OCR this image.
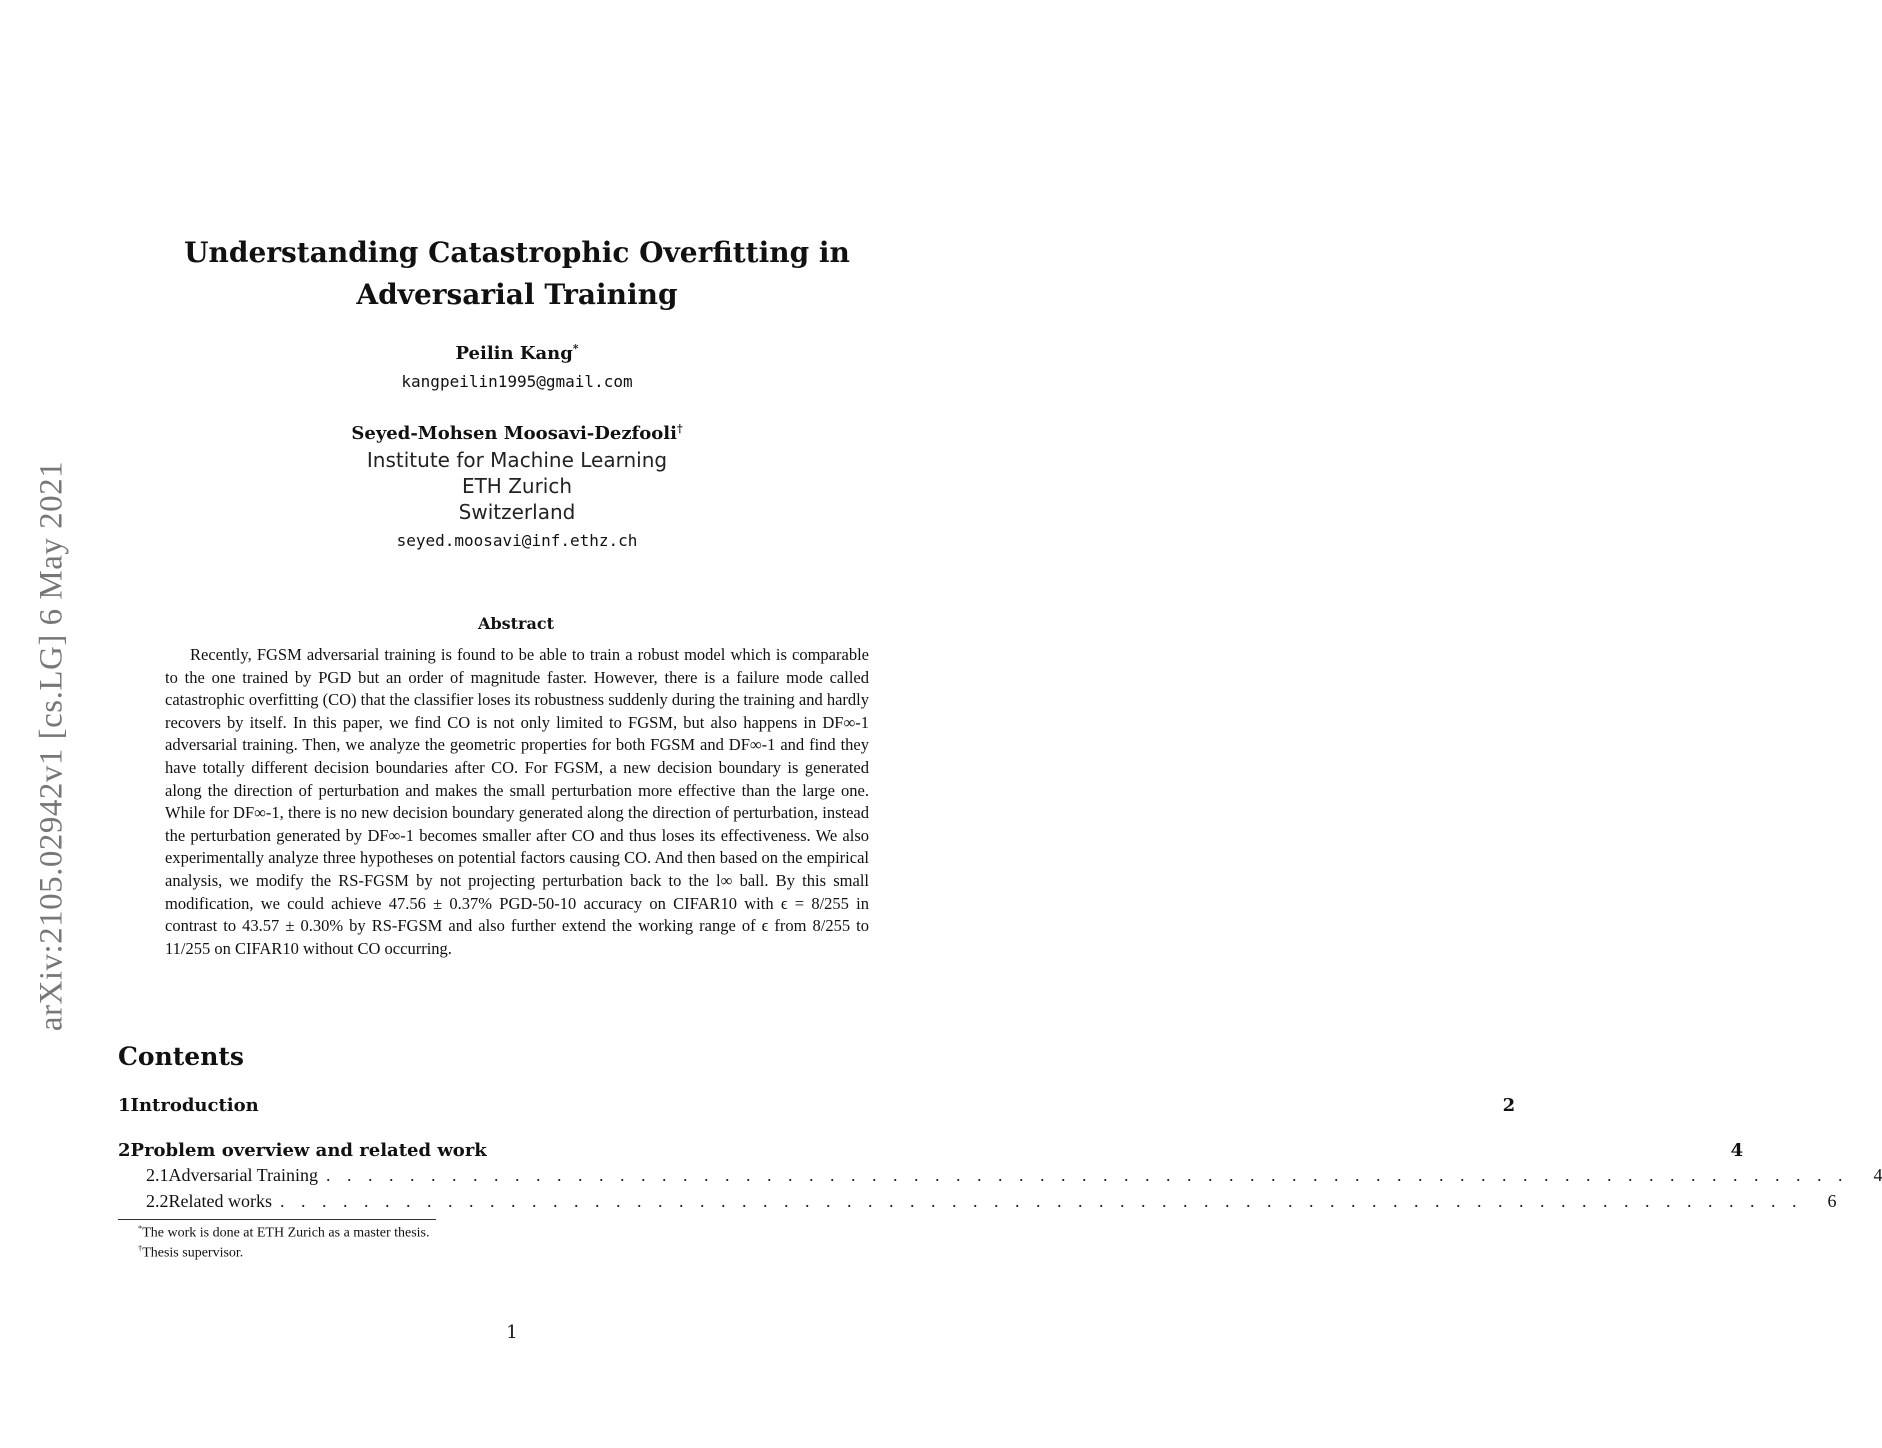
arXiv:2105.02942v1 [cs.LG] 6 May 2021
Understanding Catastrophic Overfitting in
Adversarial Training
Peilin Kang*
kangpeilin1995@gmail.com
Seyed-Mohsen Moosavi-Dezfooli†
Institute for Machine Learning
ETH Zurich
Switzerland
seyed.moosavi@inf.ethz.ch
Abstract
Recently, FGSM adversarial training is found to be able to train a robust model which is comparable to the one trained by PGD but an order of magnitude faster. However, there is a failure mode called catastrophic overfitting (CO) that the classifier loses its robustness suddenly during the training and hardly recovers by itself. In this paper, we find CO is not only limited to FGSM, but also happens in DF∞-1 adversarial training. Then, we analyze the geometric properties for both FGSM and DF∞-1 and find they have totally different decision boundaries after CO. For FGSM, a new decision boundary is generated along the direction of perturbation and makes the small perturbation more effective than the large one. While for DF∞-1, there is no new decision boundary generated along the direction of perturbation, instead the perturbation generated by DF∞-1 becomes smaller after CO and thus loses its effectiveness. We also experimentally analyze three hypotheses on potential factors causing CO. And then based on the empirical analysis, we modify the RS-FGSM by not projecting perturbation back to the l∞ ball. By this small modification, we could achieve 47.56 ± 0.37% PGD-50-10 accuracy on CIFAR10 with ϵ = 8/255 in contrast to 43.57 ± 0.30% by RS-FGSM and also further extend the working range of ϵ from 8/255 to 11/255 on CIFAR10 without CO occurring.
Contents
1 Introduction	2
2 Problem overview and related work	4
2.1 Adversarial Training . . . . . . . . . . . . . . . . . . . . . . . . . . . . . . . . . . . . . . . . . . . . . . . . . . . . . . . . . . . . . . . . . . . . . . . . .	4
2.2 Related works . . . . . . . . . . . . . . . . . . . . . . . . . . . . . . . . . . . . . . . . . . . . . . . . . . . . . . . . . . . . . . . . . . . . . . . . .	6
*The work is done at ETH Zurich as a master thesis.
†Thesis supervisor.
1
